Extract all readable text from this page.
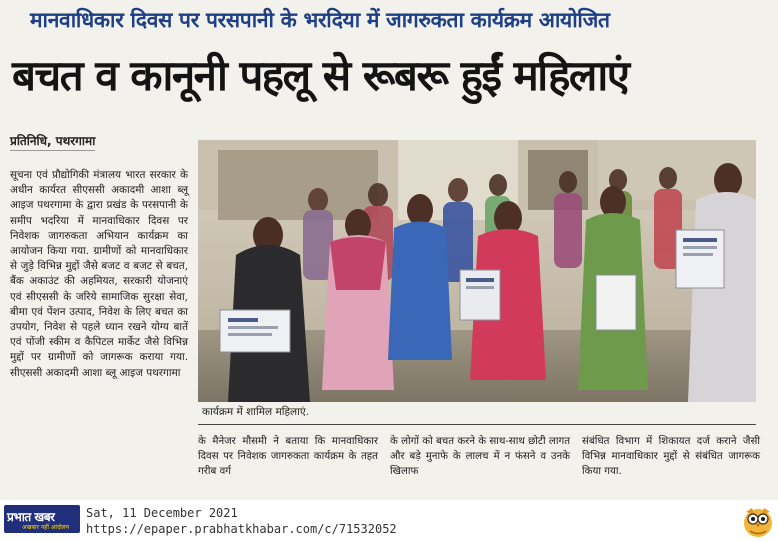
मानवाधिकार दिवस पर परसपानी के भरदिया में जागरुकता कार्यक्रम आयोजित
बचत व कानूनी पहलू से रूबरू हुईं महिलाएं
प्रतिनिधि, पथरगामा

सूचना एवं प्रौद्योगिकी मंत्रालय भारत सरकार के अधीन कार्यरत सीएससी अकादमी आशा ब्लू आइज पथरगामा के द्वारा प्रखंड के परसपानी के समीप भदरिया में मानवाधिकार दिवस पर निवेशक जागरुकता अभियान कार्यक्रम का आयोजन किया गया. ग्रामीणों को मानवाधिकार से जुड़े विभिन्न मुद्दों जैसे बजट व बजट से बचत, बैंक अकाउंट की अहमियत, सरकारी योजनाएं एवं सीएससी के जरिये सामाजिक सुरक्षा सेवा, बीमा एवं पेंशन उत्पाद, निवेश के लिए बचत का उपयोग, निवेश से पहले ध्यान रखने योग्य बातें एवं पोंजी स्कीम व कैपिटल मार्केट जैसे विभिन्न मुद्दों पर ग्रामीणों को जागरूक कराया गया. सीएससी अकादमी आशा ब्लू आइज पथरगामा

कार्यक्रम में शामिल महिलाएं.

के मैनेजर मौसमी ने बताया कि मानवाधिकार दिवस पर निवेशक जागरुकता कार्यक्रम के तहत गरीब वर्ग

के लोगों को बचत करने के साथ-साथ छोटी लागत और बड़े मुनाफे के लालच में न फंसने व उनके खिलाफ

संबंधित विभाग में शिकायत दर्ज कराने जैसी विभिन्न मानवाधिकार मुद्दों से संबंधित जागरूक किया गया.

प्रभात खबर
अखबार नहीं आंदोलन
Sat, 11 December 2021
https://epaper.prabhatkhabar.com/c/71532052
